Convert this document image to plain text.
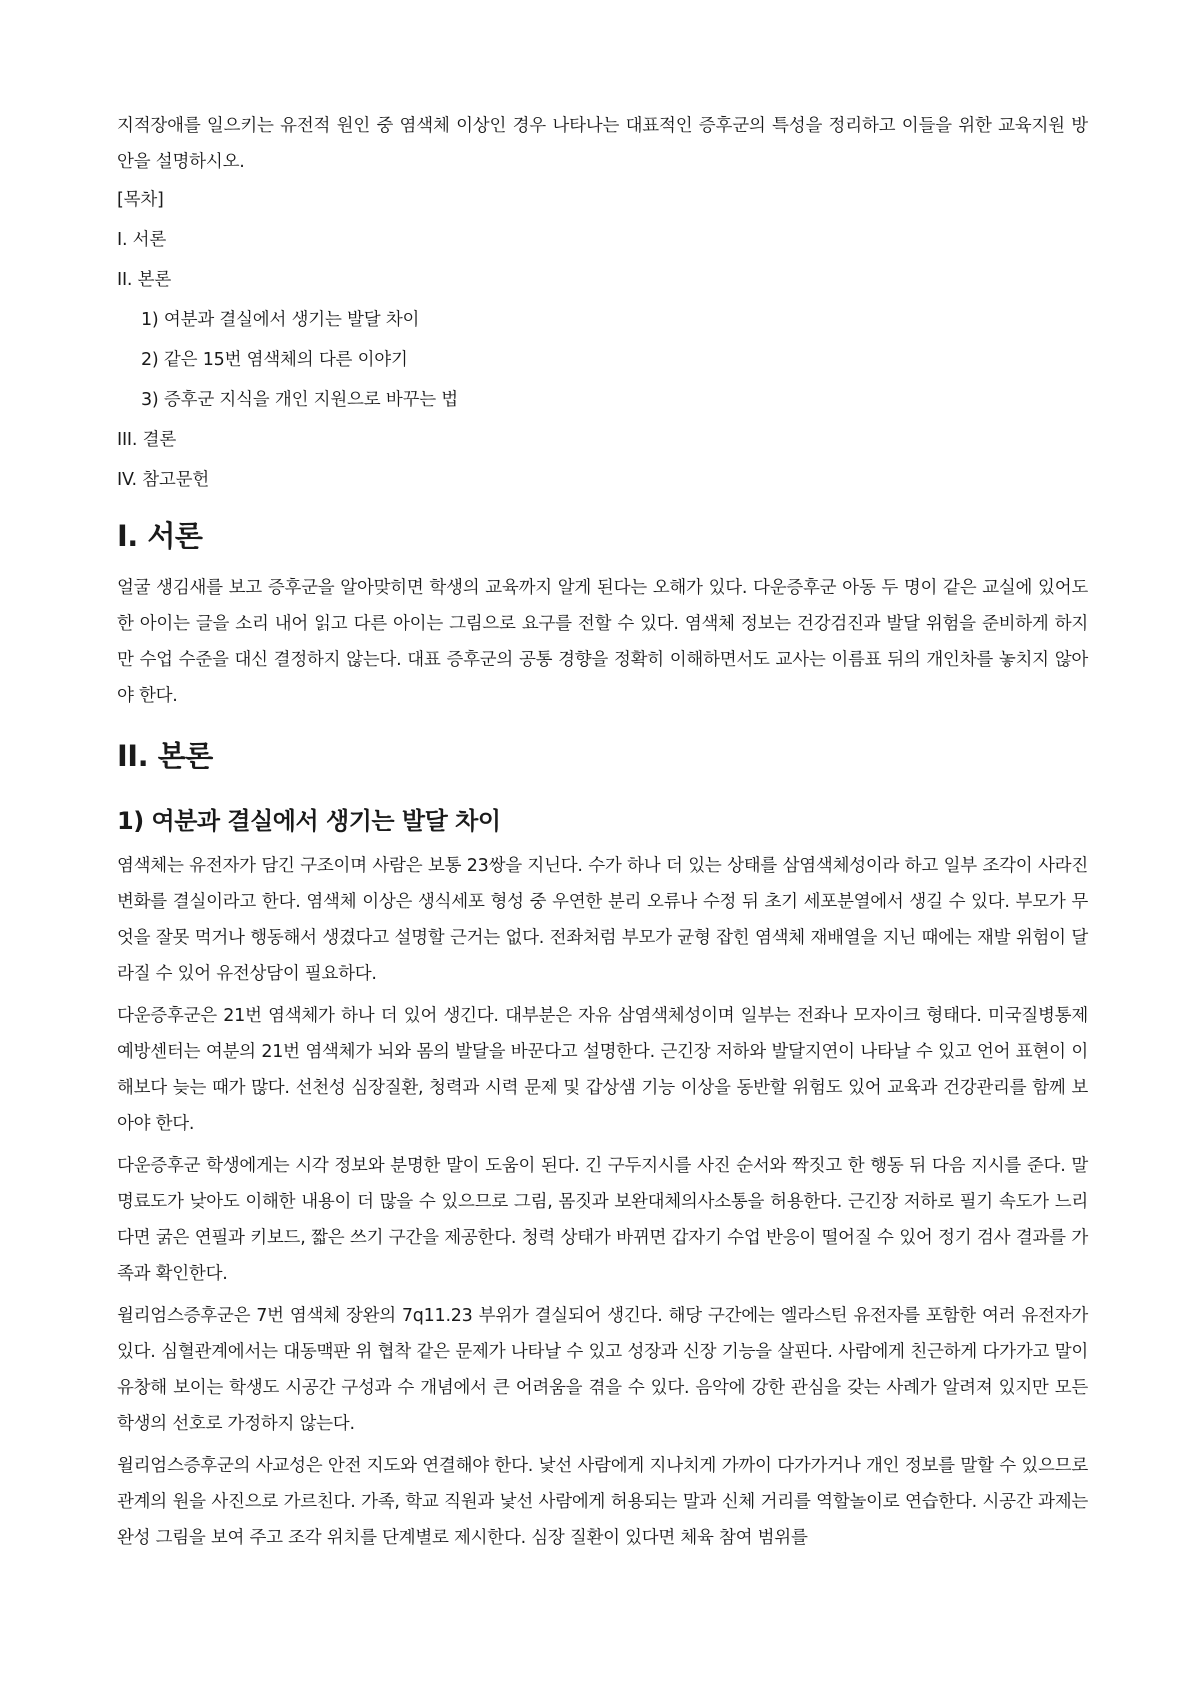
지적장애를 일으키는 유전적 원인 중 염색체 이상인 경우 나타나는 대표적인 증후군의 특성을 정리하고 이들을 위한 교육지원 방안을 설명하시오.

[목차]
I. 서론
II. 본론
1) 여분과 결실에서 생기는 발달 차이
2) 같은 15번 염색체의 다른 이야기
3) 증후군 지식을 개인 지원으로 바꾸는 법
III. 결론
IV. 참고문헌
I. 서론

얼굴 생김새를 보고 증후군을 알아맞히면 학생의 교육까지 알게 된다는 오해가 있다. 다운증후군 아동 두 명이 같은 교실에 있어도 한 아이는 글을 소리 내어 읽고 다른 아이는 그림으로 요구를 전할 수 있다. 염색체 정보는 건강검진과 발달 위험을 준비하게 하지만 수업 수준을 대신 결정하지 않는다. 대표 증후군의 공통 경향을 정확히 이해하면서도 교사는 이름표 뒤의 개인차를 놓치지 않아야 한다.

II. 본론
1) 여분과 결실에서 생기는 발달 차이

염색체는 유전자가 담긴 구조이며 사람은 보통 23쌍을 지닌다. 수가 하나 더 있는 상태를 삼염색체성이라 하고 일부 조각이 사라진 변화를 결실이라고 한다. 염색체 이상은 생식세포 형성 중 우연한 분리 오류나 수정 뒤 초기 세포분열에서 생길 수 있다. 부모가 무엇을 잘못 먹거나 행동해서 생겼다고 설명할 근거는 없다. 전좌처럼 부모가 균형 잡힌 염색체 재배열을 지닌 때에는 재발 위험이 달라질 수 있어 유전상담이 필요하다.

다운증후군은 21번 염색체가 하나 더 있어 생긴다. 대부분은 자유 삼염색체성이며 일부는 전좌나 모자이크 형태다. 미국질병통제예방센터는 여분의 21번 염색체가 뇌와 몸의 발달을 바꾼다고 설명한다. 근긴장 저하와 발달지연이 나타날 수 있고 언어 표현이 이해보다 늦는 때가 많다. 선천성 심장질환, 청력과 시력 문제 및 갑상샘 기능 이상을 동반할 위험도 있어 교육과 건강관리를 함께 보아야 한다.

다운증후군 학생에게는 시각 정보와 분명한 말이 도움이 된다. 긴 구두지시를 사진 순서와 짝짓고 한 행동 뒤 다음 지시를 준다. 말 명료도가 낮아도 이해한 내용이 더 많을 수 있으므로 그림, 몸짓과 보완대체의사소통을 허용한다. 근긴장 저하로 필기 속도가 느리다면 굵은 연필과 키보드, 짧은 쓰기 구간을 제공한다. 청력 상태가 바뀌면 갑자기 수업 반응이 떨어질 수 있어 정기 검사 결과를 가족과 확인한다.

윌리엄스증후군은 7번 염색체 장완의 7q11.23 부위가 결실되어 생긴다. 해당 구간에는 엘라스틴 유전자를 포함한 여러 유전자가 있다. 심혈관계에서는 대동맥판 위 협착 같은 문제가 나타날 수 있고 성장과 신장 기능을 살핀다. 사람에게 친근하게 다가가고 말이 유창해 보이는 학생도 시공간 구성과 수 개념에서 큰 어려움을 겪을 수 있다. 음악에 강한 관심을 갖는 사례가 알려져 있지만 모든 학생의 선호로 가정하지 않는다.

윌리엄스증후군의 사교성은 안전 지도와 연결해야 한다. 낯선 사람에게 지나치게 가까이 다가가거나 개인 정보를 말할 수 있으므로 관계의 원을 사진으로 가르친다. 가족, 학교 직원과 낯선 사람에게 허용되는 말과 신체 거리를 역할놀이로 연습한다. 시공간 과제는 완성 그림을 보여 주고 조각 위치를 단계별로 제시한다. 심장 질환이 있다면 체육 참여 범위를
